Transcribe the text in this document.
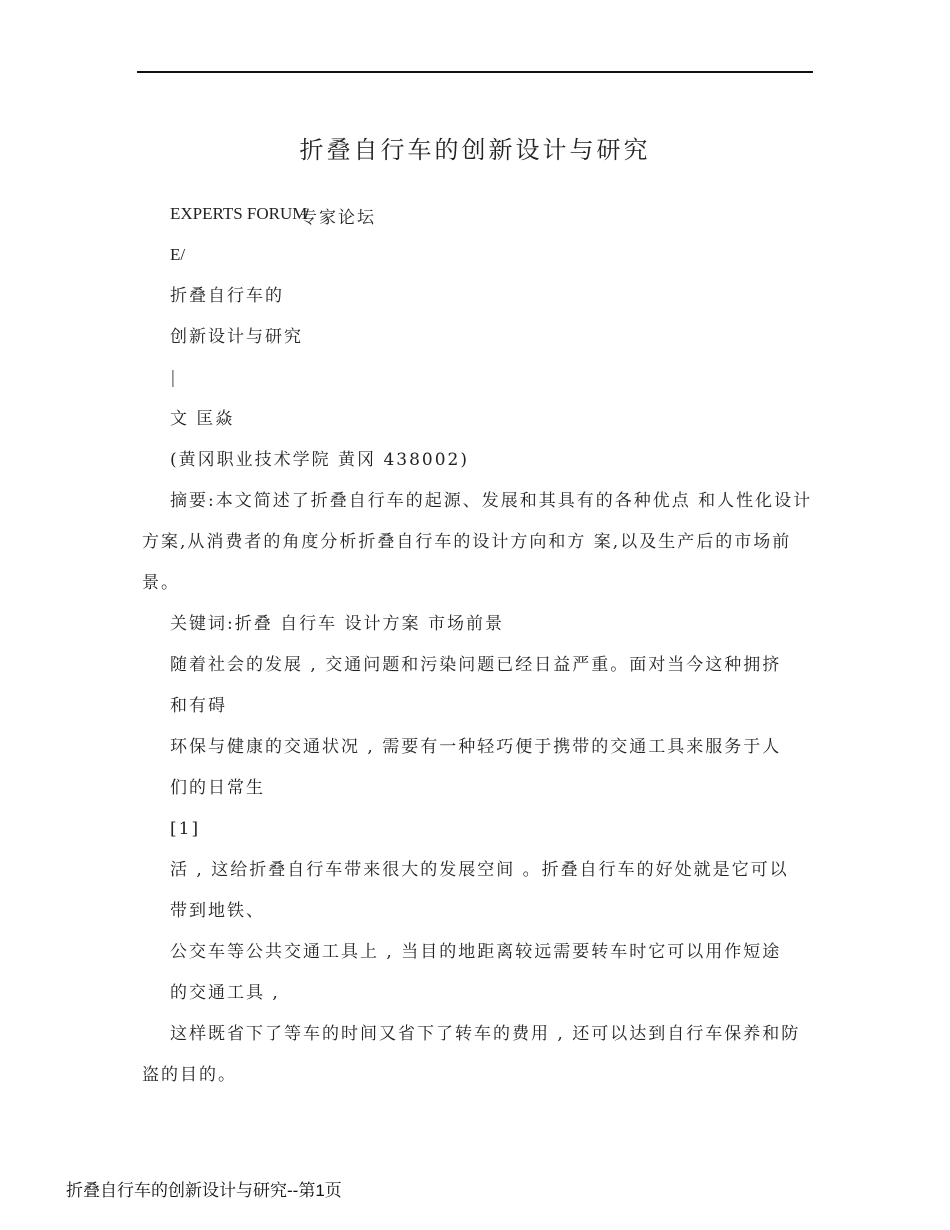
折叠自行车的创新设计与研究
EXPERTS FORUM
专家论坛
E/
折叠自行车的
创新设计与研究
|
文 匡焱
(黄冈职业技术学院 黄冈 438002)
摘要:本文简述了折叠自行车的起源、发展和其具有的各种优点 和人性化设计
方案,从消费者的角度分析折叠自行车的设计方向和方 案,以及生产后的市场前
景。
关键词:折叠 自行车 设计方案 市场前景
随着社会的发展 , 交通问题和污染问题已经日益严重。面对当今这种拥挤
和有碍
环保与健康的交通状况 , 需要有一种轻巧便于携带的交通工具来服务于人
们的日常生
[1]
活 , 这给折叠自行车带来很大的发展空间 。折叠自行车的好处就是它可以
带到地铁、
公交车等公共交通工具上 , 当目的地距离较远需要转车时它可以用作短途
的交通工具 ,
这样既省下了等车的时间又省下了转车的费用 , 还可以达到自行车保养和防
盗的目的。
折叠自行车的创新设计与研究--第1页
